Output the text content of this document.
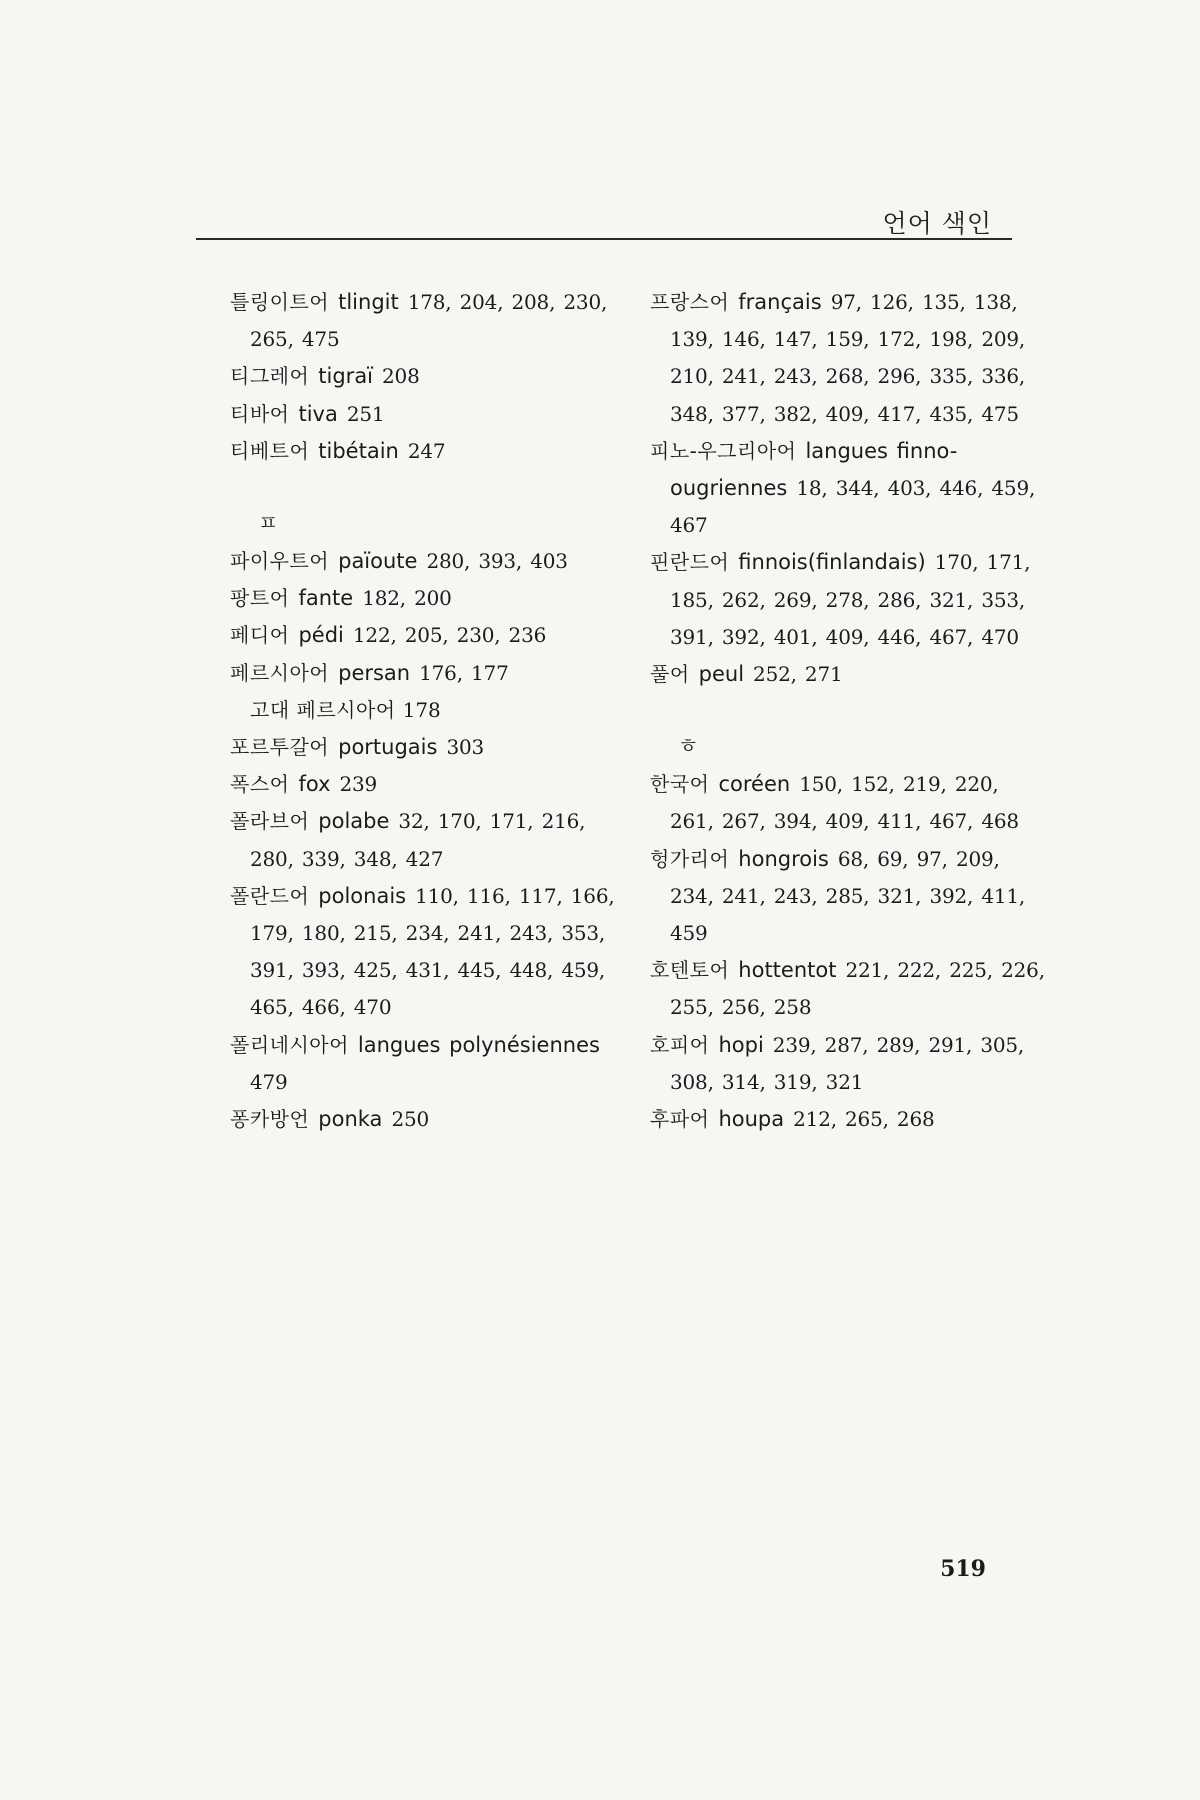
언어 색인
틀링이트어 tlingit 178, 204, 208, 230, 265, 475
티그레어 tigraï 208
티바어 tiva 251
티베트어 tibétain 247
ㅍ
파이우트어 païoute 280, 393, 403
팡트어 fante 182, 200
페디어 pédi 122, 205, 230, 236
페르시아어 persan 176, 177
고대 페르시아어 178
포르투갈어 portugais 303
폭스어 fox 239
폴라브어 polabe 32, 170, 171, 216, 280, 339, 348, 427
폴란드어 polonais 110, 116, 117, 166, 179, 180, 215, 234, 241, 243, 353, 391, 393, 425, 431, 445, 448, 459, 465, 466, 470
폴리네시아어 langues polynésiennes 479
퐁카방언 ponka 250
프랑스어 français 97, 126, 135, 138, 139, 146, 147, 159, 172, 198, 209, 210, 241, 243, 268, 296, 335, 336, 348, 377, 382, 409, 417, 435, 475
피노-우그리아어 langues finno-ougriennes 18, 344, 403, 446, 459, 467
핀란드어 finnois(finlandais) 170, 171, 185, 262, 269, 278, 286, 321, 353, 391, 392, 401, 409, 446, 467, 470
풀어 peul 252, 271
ㅎ
한국어 coréen 150, 152, 219, 220, 261, 267, 394, 409, 411, 467, 468
헝가리어 hongrois 68, 69, 97, 209, 234, 241, 243, 285, 321, 392, 411, 459
호텐토어 hottentot 221, 222, 225, 226, 255, 256, 258
호피어 hopi 239, 287, 289, 291, 305, 308, 314, 319, 321
후파어 houpa 212, 265, 268
519
